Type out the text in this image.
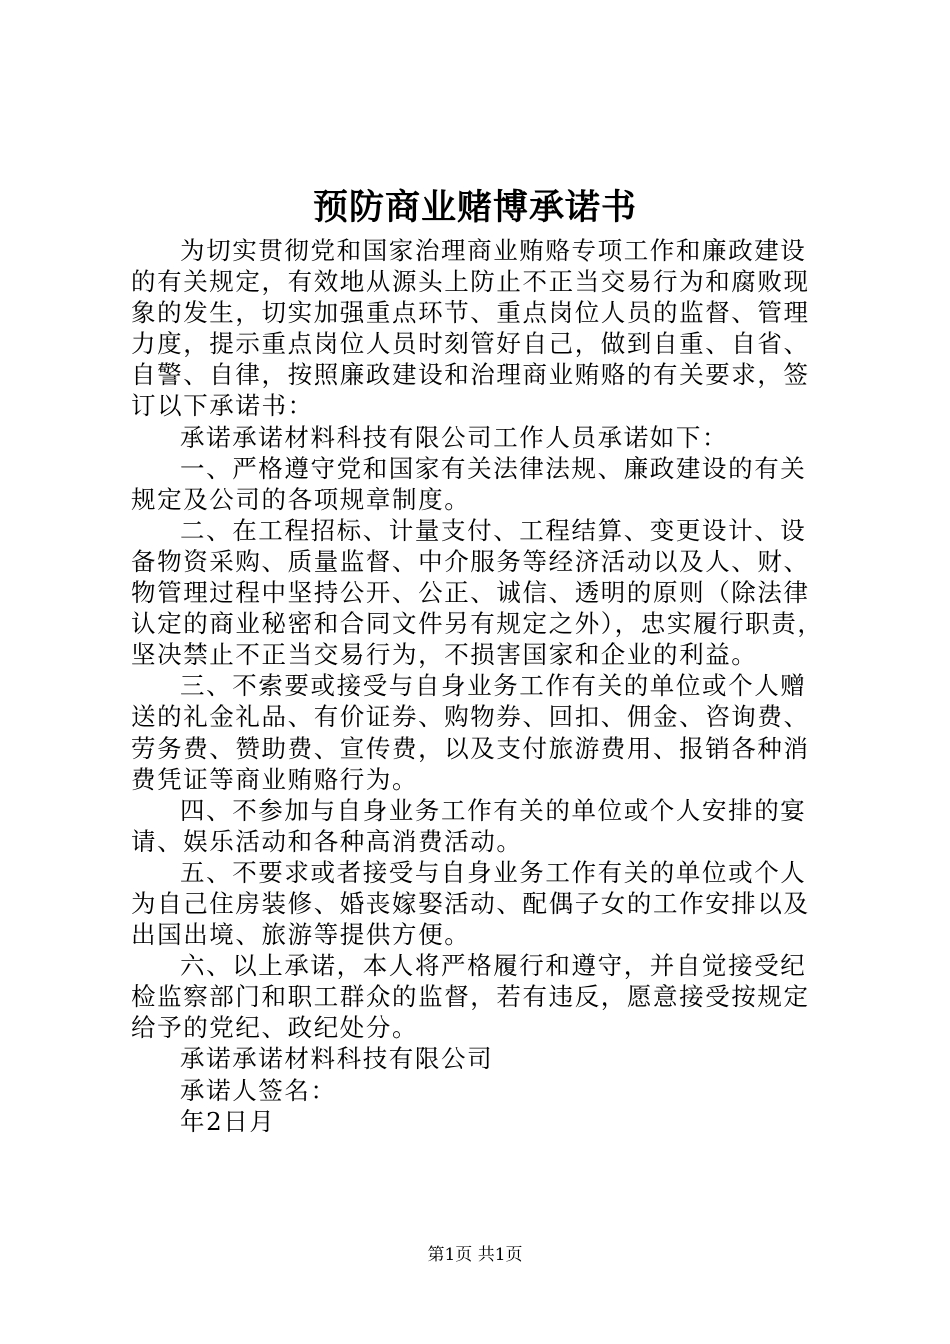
预防商业赌博承诺书

为切实贯彻党和国家治理商业贿赂专项工作和廉政建设的有关规定，有效地从源头上防止不正当交易行为和腐败现象的发生，切实加强重点环节、重点岗位人员的监督、管理力度，提示重点岗位人员时刻管好自己，做到自重、自省、自警、自律，按照廉政建设和治理商业贿赂的有关要求，签订以下承诺书：

承诺承诺材料科技有限公司工作人员承诺如下：

一、严格遵守党和国家有关法律法规、廉政建设的有关规定及公司的各项规章制度。

二、在工程招标、计量支付、工程结算、变更设计、设备物资采购、质量监督、中介服务等经济活动以及人、财、物管理过程中坚持公开、公正、诚信、透明的原则（除法律认定的商业秘密和合同文件另有规定之外），忠实履行职责，坚决禁止不正当交易行为，不损害国家和企业的利益。

三、不索要或接受与自身业务工作有关的单位或个人赠送的礼金礼品、有价证券、购物券、回扣、佣金、咨询费、劳务费、赞助费、宣传费，以及支付旅游费用、报销各种消费凭证等商业贿赂行为。

四、不参加与自身业务工作有关的单位或个人安排的宴请、娱乐活动和各种高消费活动。

五、不要求或者接受与自身业务工作有关的单位或个人为自己住房装修、婚丧嫁娶活动、配偶子女的工作安排以及出国出境、旅游等提供方便。

六、以上承诺，本人将严格履行和遵守，并自觉接受纪检监察部门和职工群众的监督，若有违反，愿意接受按规定给予的党纪、政纪处分。

承诺承诺材料科技有限公司

承诺人签名：

年2日月

第1页 共1页
